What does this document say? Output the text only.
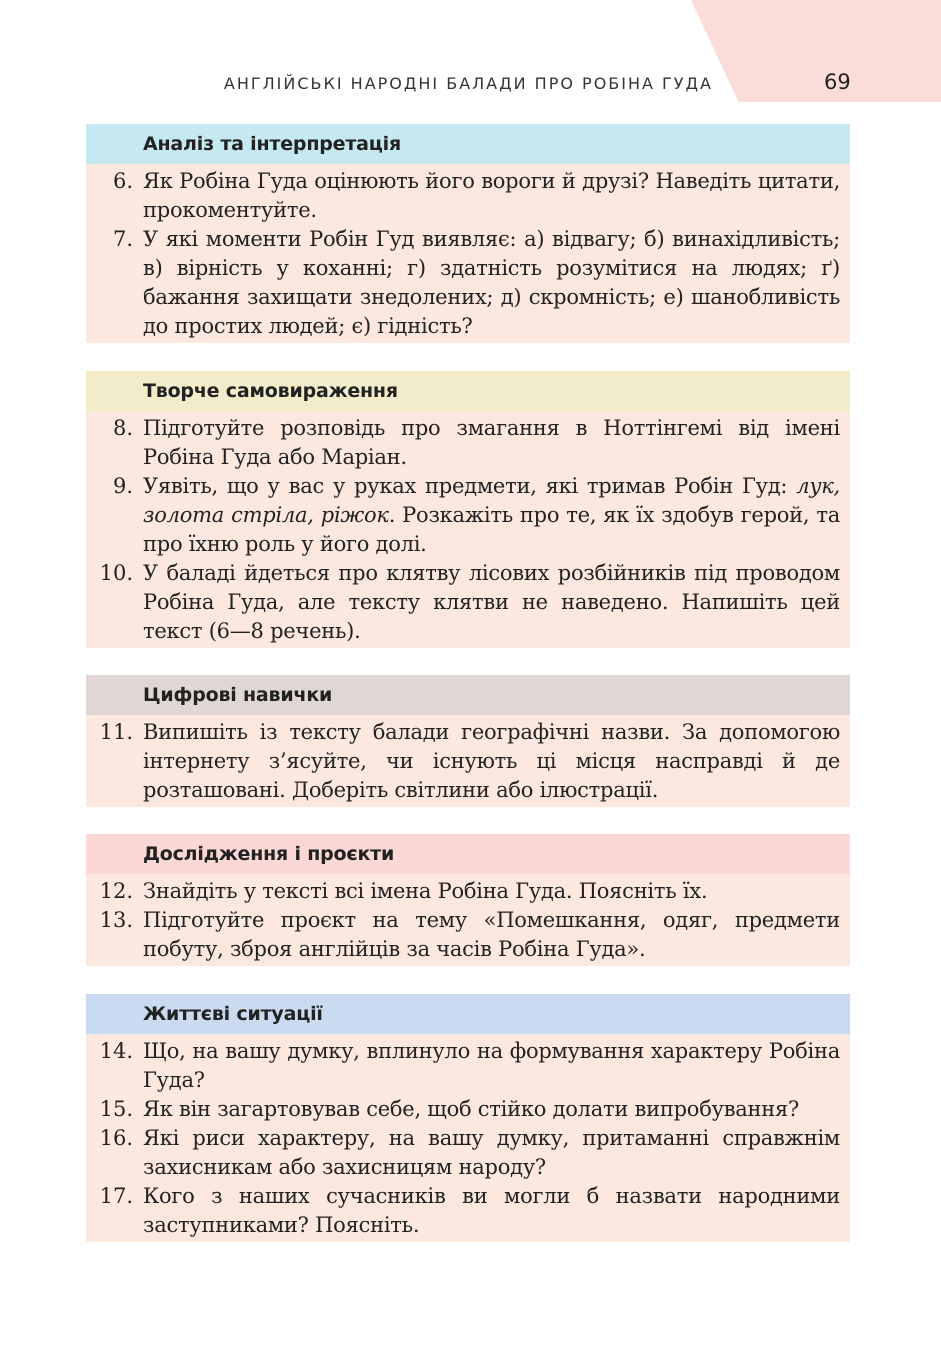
АНГЛІЙСЬКІ НАРОДНІ БАЛАДИ ПРО РОБІНА ГУДА	69
Аналіз та інтерпретація
6. Як Робіна Гуда оцінюють його вороги й друзі? Наведіть цитати, прокоментуйте.
7. У які моменти Робін Гуд виявляє: а) відвагу; б) винахідливість; в) вірність у коханні; г) здатність розумітися на людях; ґ) бажання захищати знедолених; д) скромність; е) шанобливість до простих людей; є) гідність?
Творче самовираження
8. Підготуйте розповідь про змагання в Ноттінгемі від імені Робіна Гуда або Маріан.
9. Уявіть, що у вас у руках предмети, які тримав Робін Гуд: лук, золота стріла, ріжок. Розкажіть про те, як їх здобув герой, та про їхню роль у його долі.
10. У баладі йдеться про клятву лісових розбійників під проводом Робіна Гуда, але тексту клятви не наведено. Напишіть цей текст (6—8 речень).
Цифрові навички
11. Випишіть із тексту балади географічні назви. За допомогою інтернету з’ясуйте, чи існують ці місця насправді й де розташовані. Доберіть світлини або ілюстрації.
Дослідження і проєкти
12. Знайдіть у тексті всі імена Робіна Гуда. Поясніть їх.
13. Підготуйте проєкт на тему «Помешкання, одяг, предмети побуту, зброя англійців за часів Робіна Гуда».
Життєві ситуації
14. Що, на вашу думку, вплинуло на формування характеру Робіна Гуда?
15. Як він загартовував себе, щоб стійко долати випробування?
16. Які риси характеру, на вашу думку, притаманні справжнім захисникам або захисницям народу?
17. Кого з наших сучасників ви могли б назвати народними заступниками? Поясніть.
